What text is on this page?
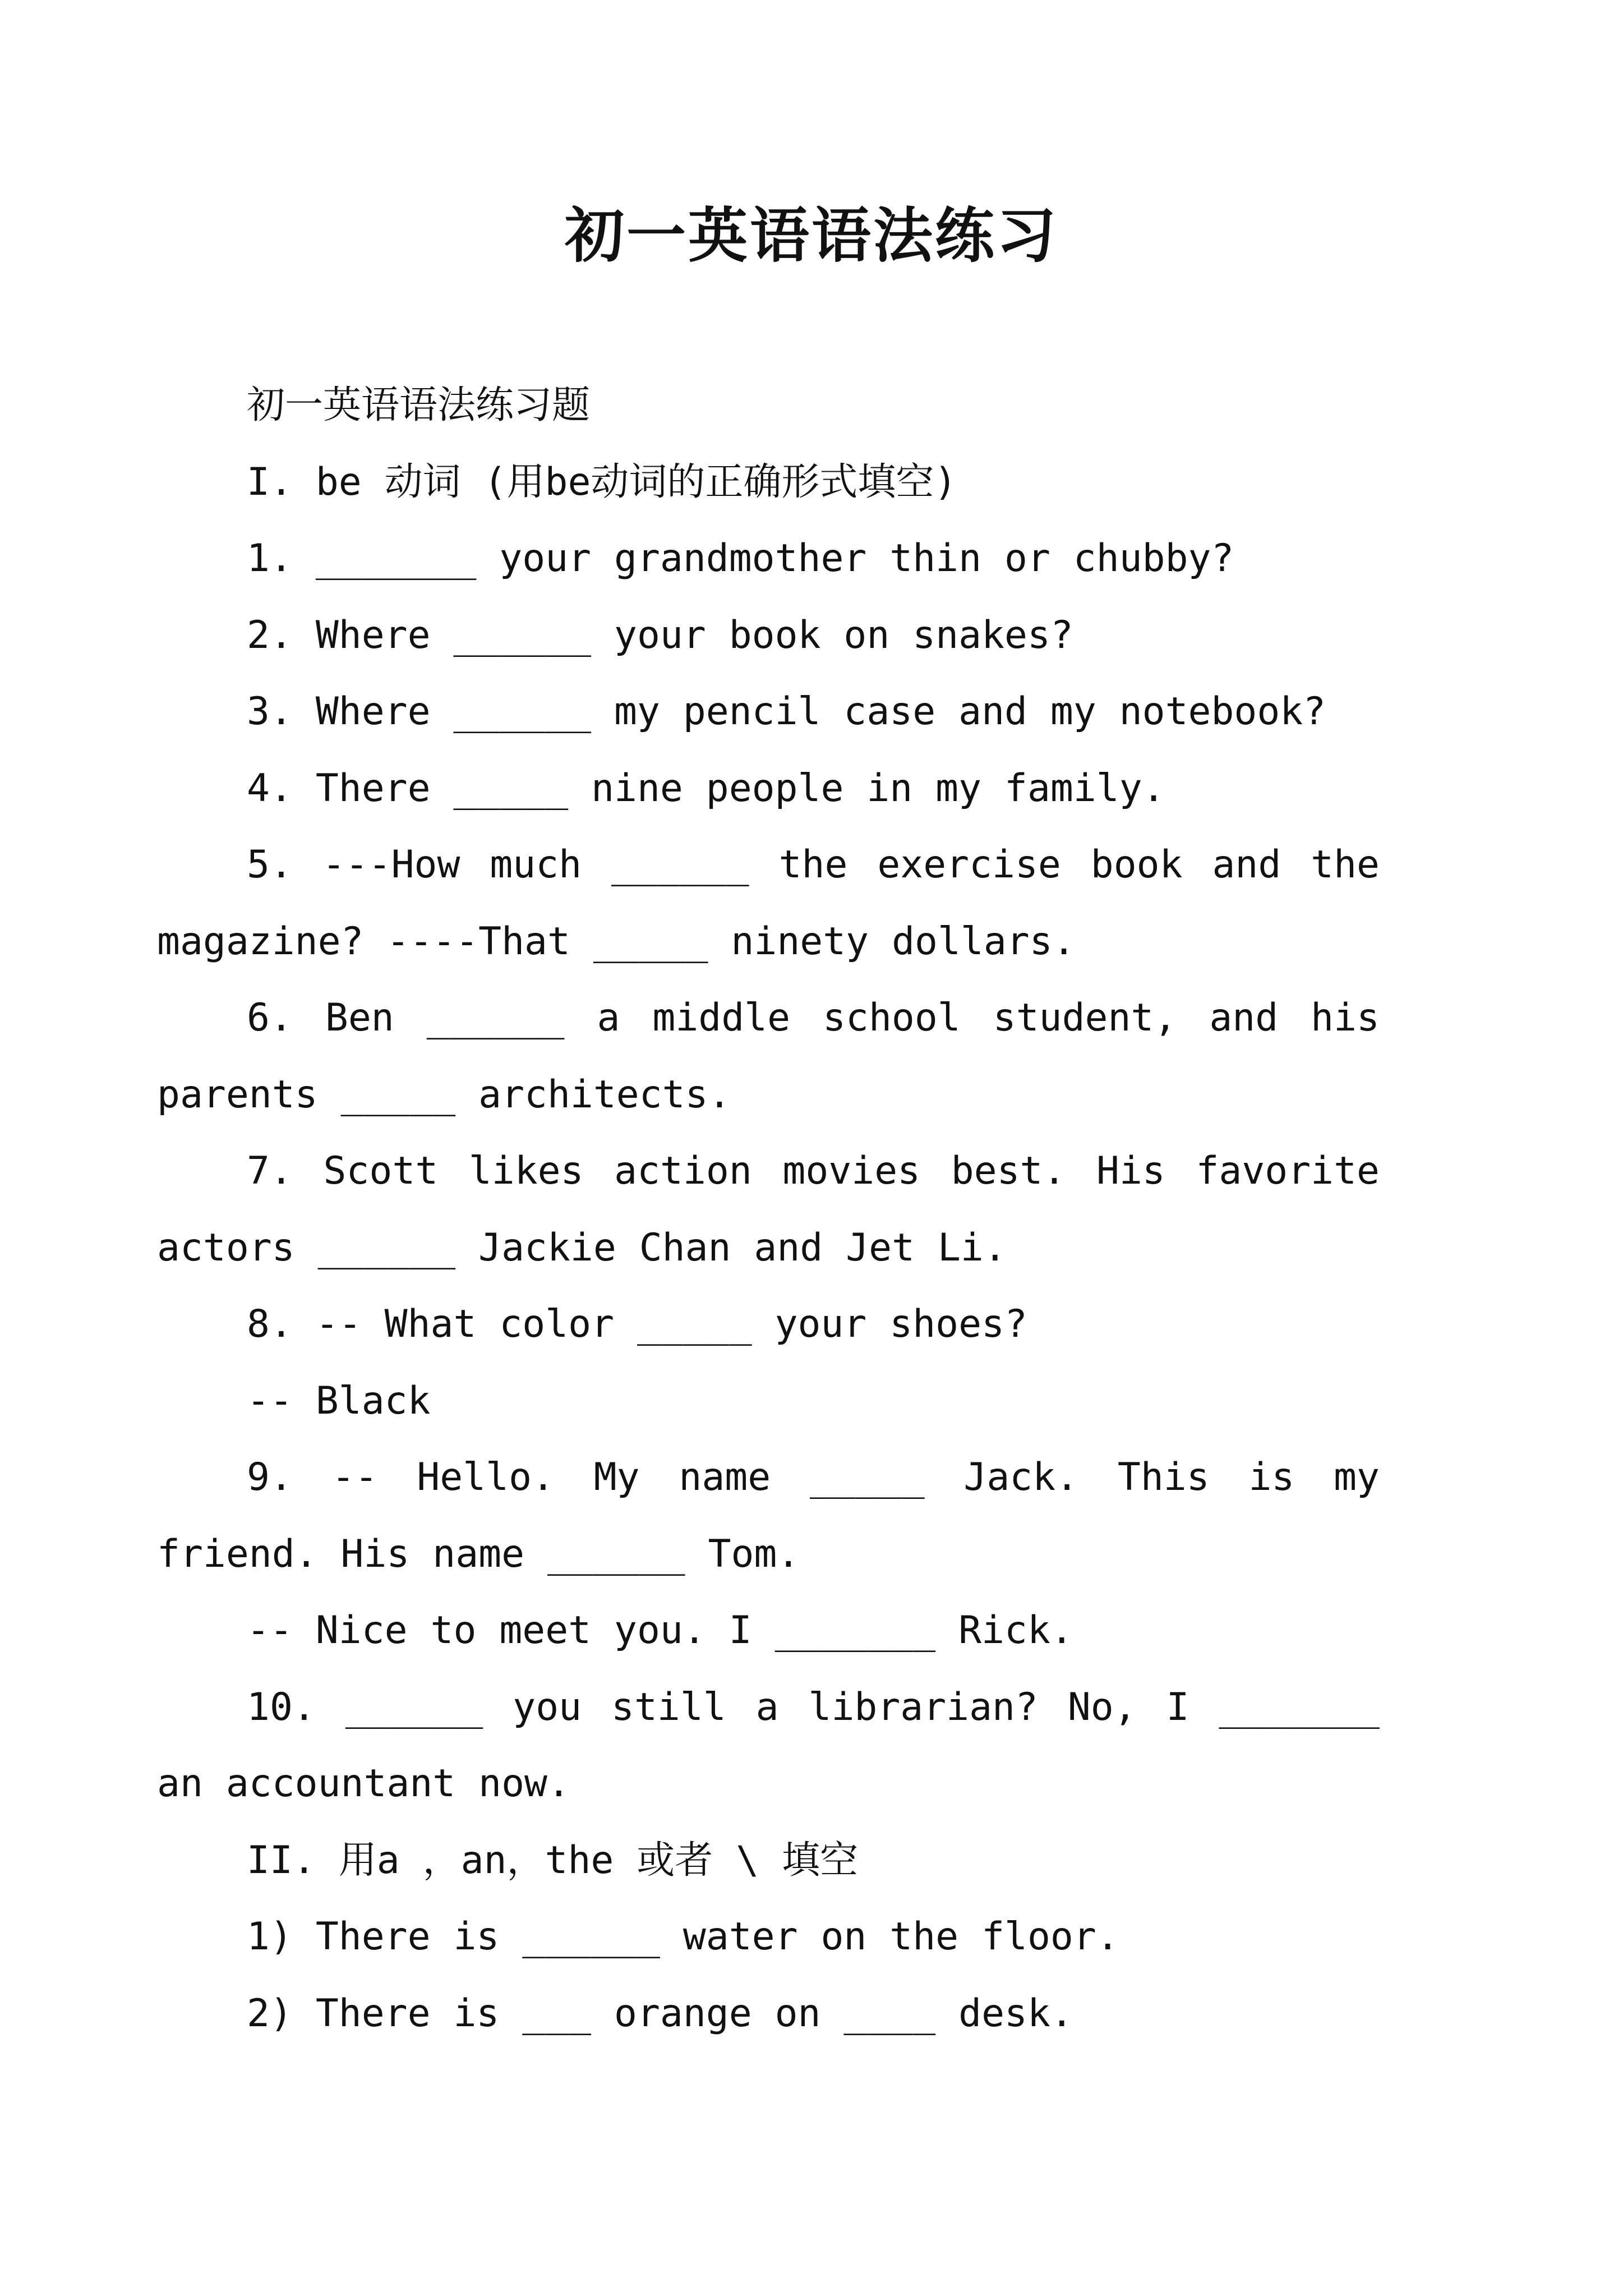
初一英语语法练习
初一英语语法练习题
I. be 动词 (用be动词的正确形式填空)
1. _______ your grandmother thin or chubby?
2. Where ______ your book on snakes?
3. Where ______ my pencil case and my notebook?
4. There _____ nine people in my family.
5. ---How much ______ the exercise book and the
magazine? ----That _____ ninety dollars.
6. Ben ______ a middle school student, and his
parents _____ architects.
7. Scott likes action movies best. His favorite
actors ______ Jackie Chan and Jet Li.
8. -- What color _____ your shoes?
-- Black
9. -- Hello. My name _____ Jack. This is my
friend. His name ______ Tom.
-- Nice to meet you. I _______ Rick.
10. ______ you still a librarian? No, I _______
an accountant now.
II. 用a ，an，the 或者 \ 填空
1) There is ______ water on the floor.
2) There is ___ orange on ____ desk.
